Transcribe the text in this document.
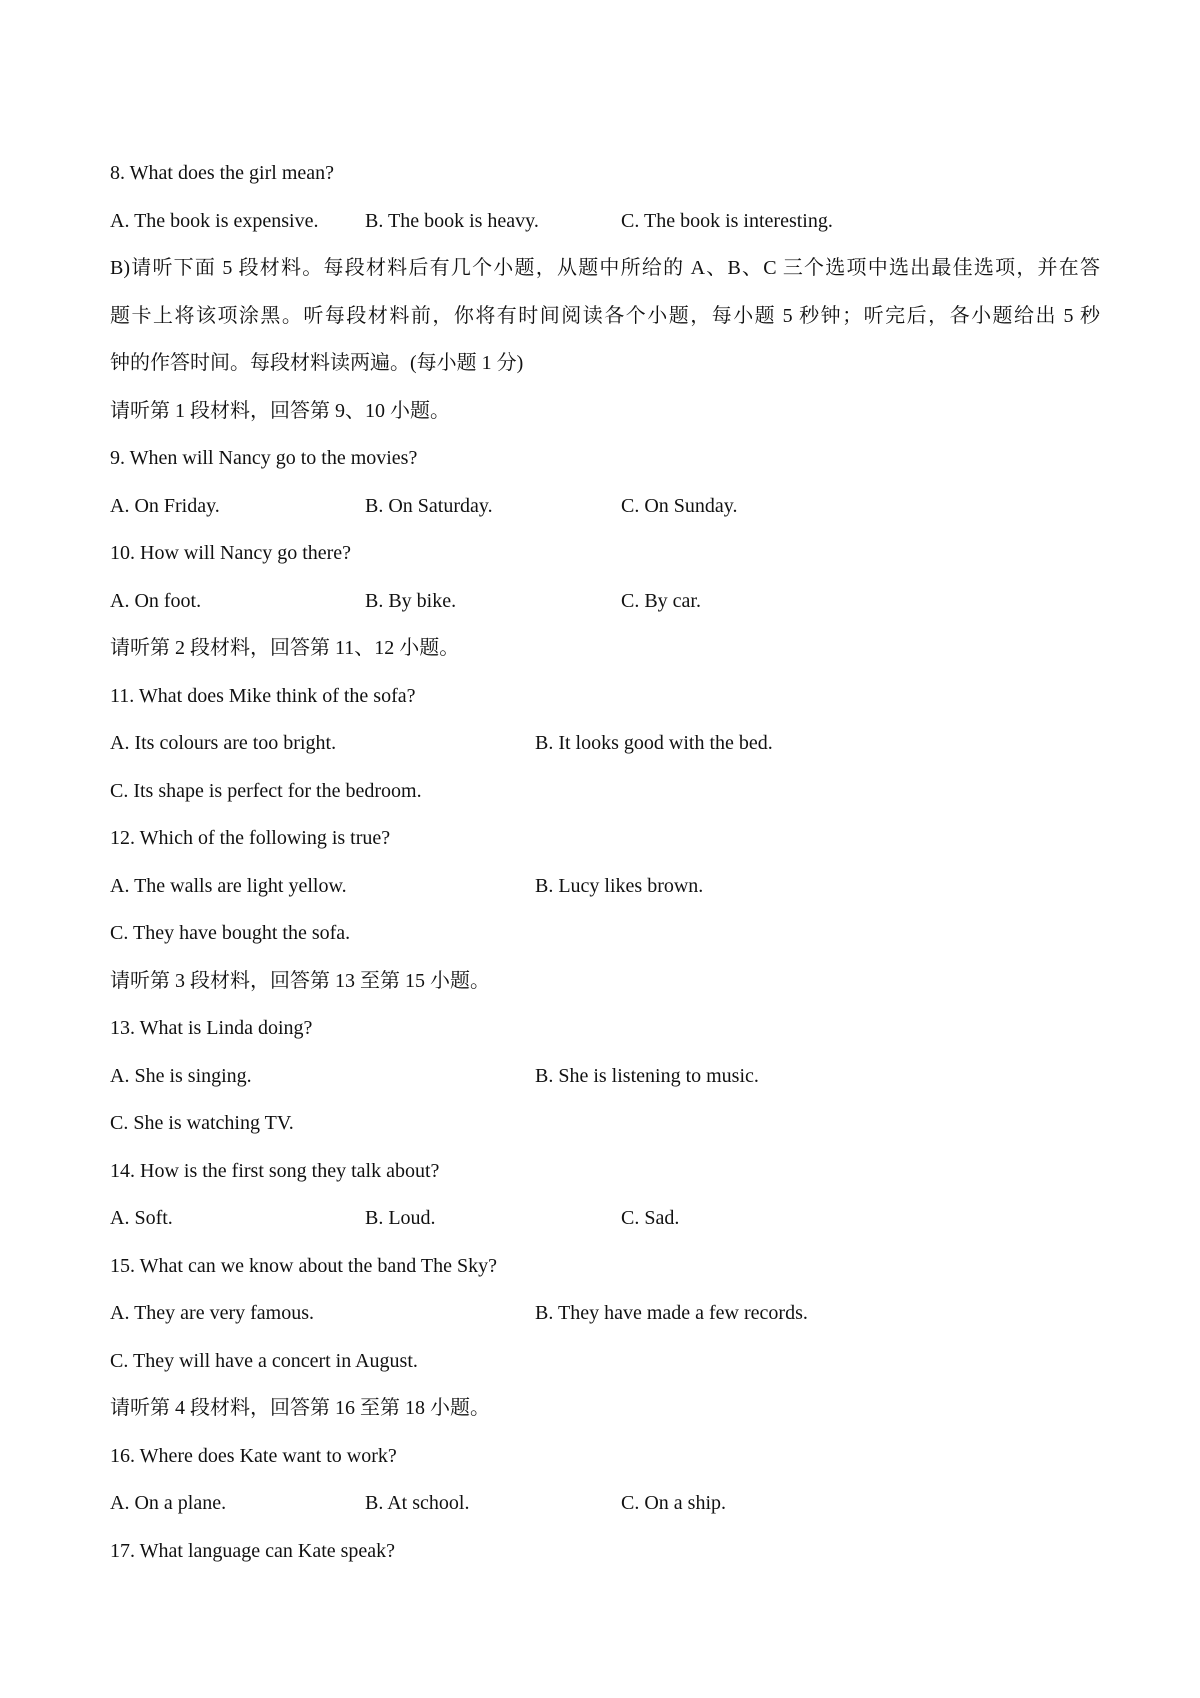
8. What does the girl mean?
A. The book is expensive. B. The book is heavy.	C. The book is interesting.
B)请听下面 5 段材料。每段材料后有几个小题，从题中所给的 A、B、C 三个选项中选出最佳选项，并在答
题卡上将该项涂黑。听每段材料前，你将有时间阅读各个小题，每小题 5 秒钟；听完后，各小题给出 5 秒
钟的作答时间。每段材料读两遍。(每小题 1 分)
请听第 1 段材料，回答第 9、10 小题。
9. When will Nancy go to the movies?
A. On Friday.	B. On Saturday.	C. On Sunday.
10. How will Nancy go there?
A. On foot.	B. By bike.	C. By car.
请听第 2 段材料，回答第 11、12 小题。
11. What does Mike think of the sofa?
A. Its colours are too bright.	B. It looks good with the bed.
C. Its shape is perfect for the bedroom.
12. Which of the following is true?
A. The walls are light yellow.	B. Lucy likes brown.
C. They have bought the sofa.
请听第 3 段材料，回答第 13 至第 15 小题。
13. What is Linda doing?
A. She is singing.	B. She is listening to music.
C. She is watching TV.
14. How is the first song they talk about?
A. Soft.	B. Loud.	C. Sad.
15. What can we know about the band The Sky?
A. They are very famous.	B. They have made a few records.
C. They will have a concert in August.
请听第 4 段材料，回答第 16 至第 18 小题。
16. Where does Kate want to work?
A. On a plane.	B. At school.	C. On a ship.
17. What language can Kate speak?
